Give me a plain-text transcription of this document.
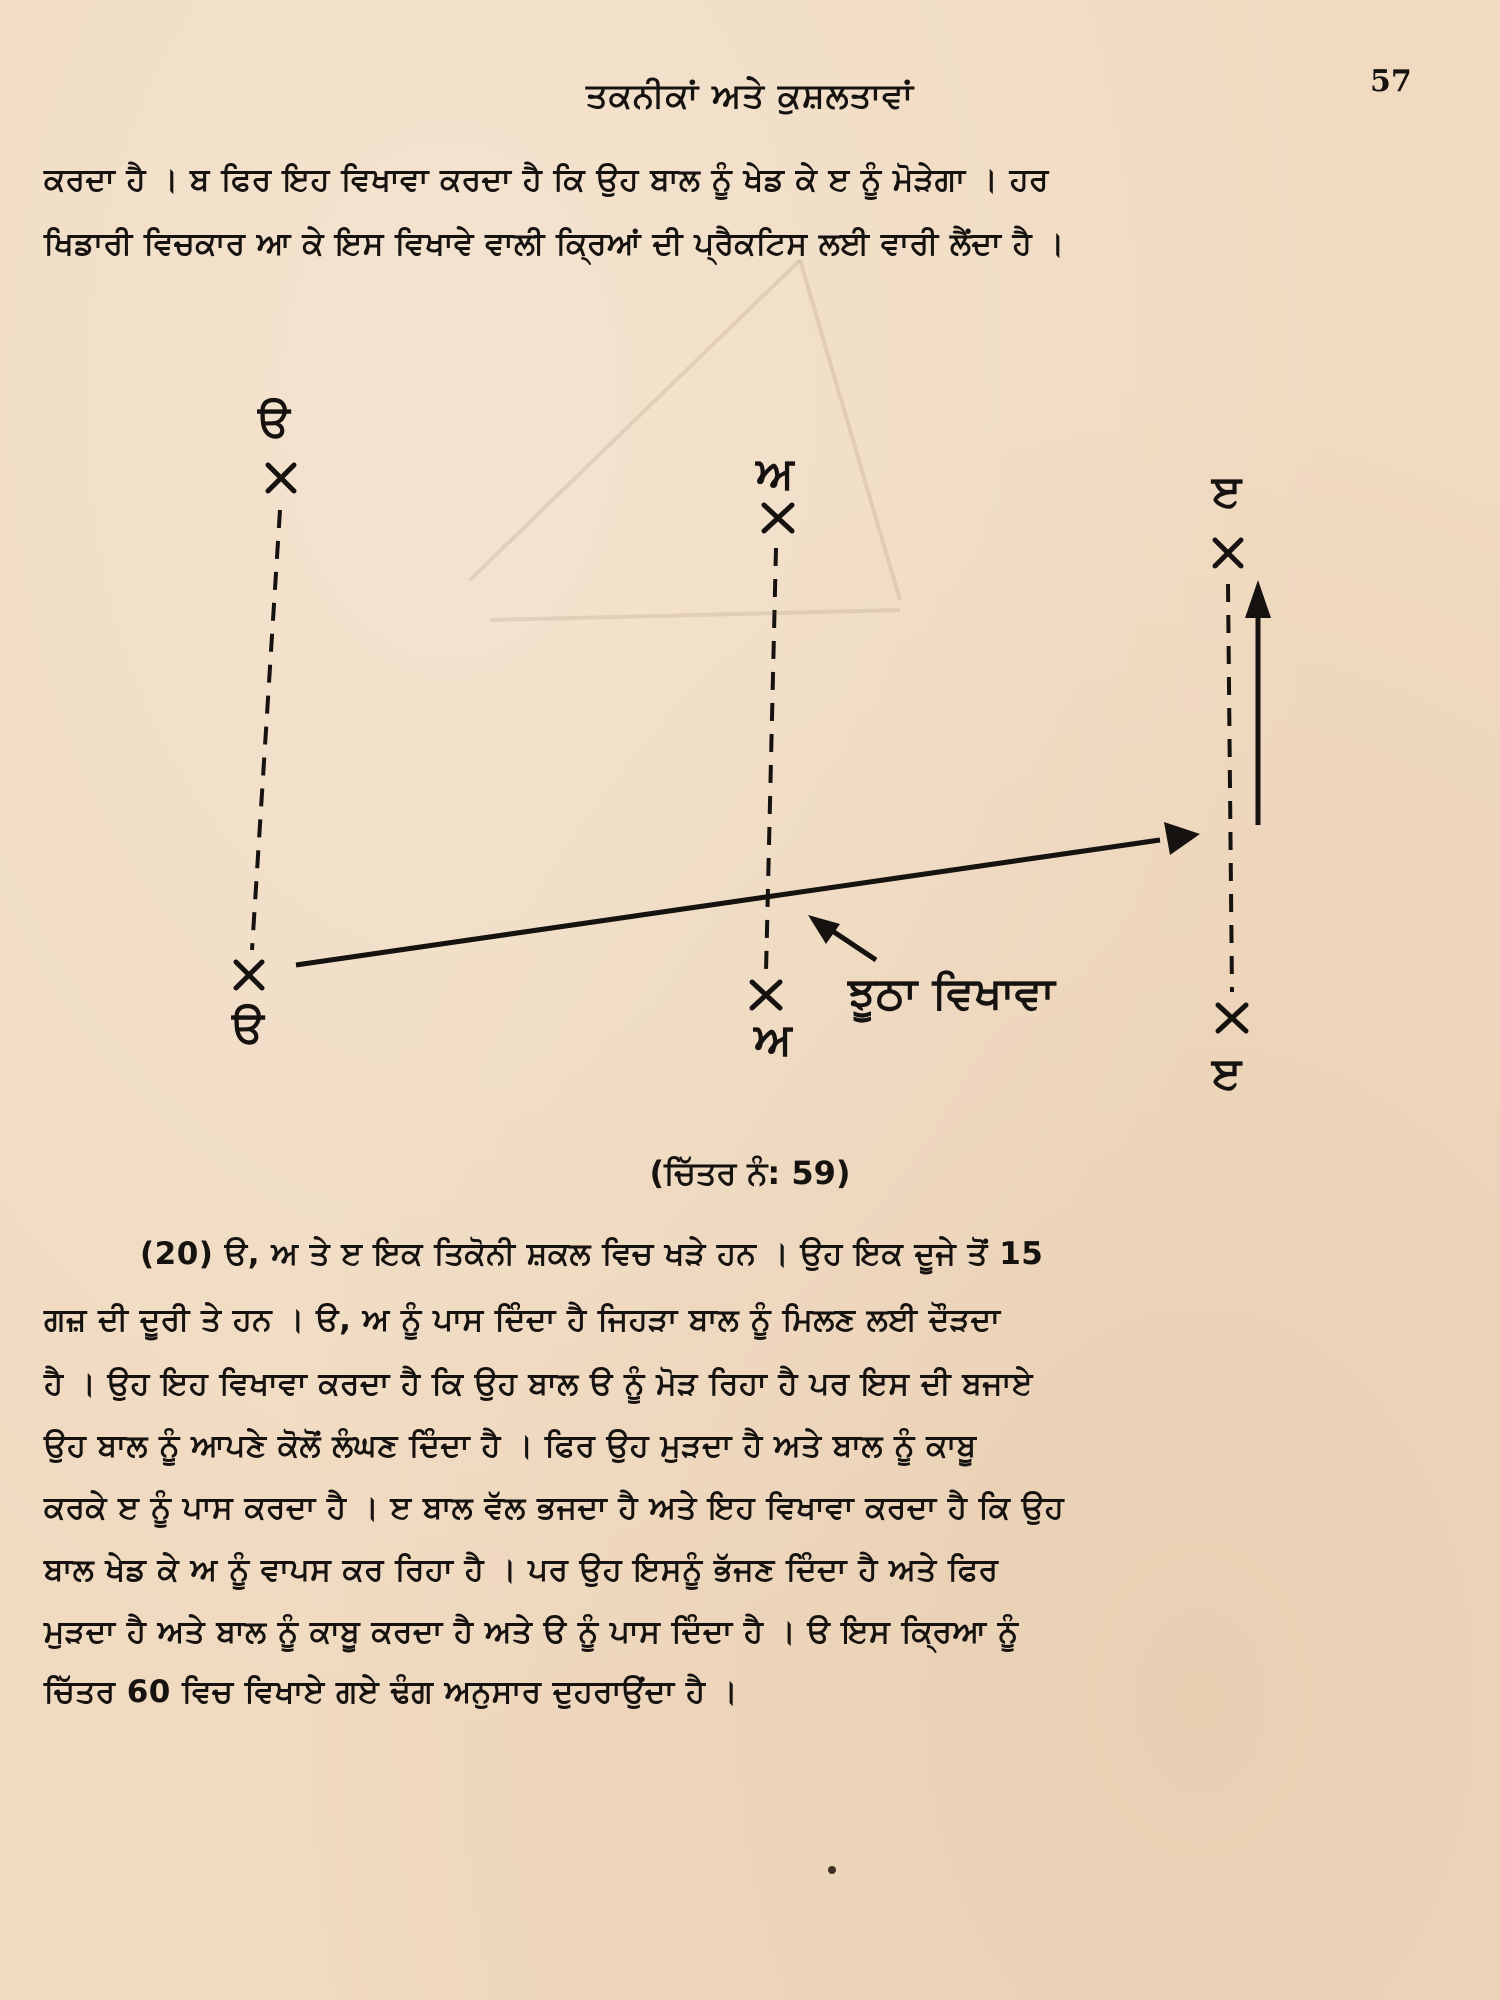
ਤਕਨੀਕਾਂ ਅਤੇ ਕੁਸ਼ਲਤਾਵਾਂ	57
ਕਰਦਾ ਹੈ । ਬ ਫਿਰ ਇਹ ਵਿਖਾਵਾ ਕਰਦਾ ਹੈ ਕਿ ਉਹ ਬਾਲ ਨੂੰ ਖੇਡ ਕੇ ੲ ਨੂੰ ਮੋੜੇਗਾ । ਹਰ
ਖਿਡਾਰੀ ਵਿਚਕਾਰ ਆ ਕੇ ਇਸ ਵਿਖਾਵੇ ਵਾਲੀ ਕ੍ਰਿਆਂ ਦੀ ਪ੍ਰੈਕਟਿਸ ਲਈ ਵਾਰੀ ਲੈਂਦਾ ਹੈ ।
ੳ
ੳ
ਅ
ਅ
ੲ
ੲ
ਝੂਠਾ ਵਿਖਾਵਾ
(ਚਿੱਤਰ ਨੰ: 59)
(20) ੳ, ਅ ਤੇ ੲ ਇਕ ਤਿਕੋਨੀ ਸ਼ਕਲ ਵਿਚ ਖੜੇ ਹਨ । ਉਹ ਇਕ ਦੂਜੇ ਤੋਂ 15
ਗਜ਼ ਦੀ ਦੂਰੀ ਤੇ ਹਨ । ੳ, ਅ ਨੂੰ ਪਾਸ ਦਿੰਦਾ ਹੈ ਜਿਹੜਾ ਬਾਲ ਨੂੰ ਮਿਲਣ ਲਈ ਦੌੜਦਾ
ਹੈ । ਉਹ ਇਹ ਵਿਖਾਵਾ ਕਰਦਾ ਹੈ ਕਿ ਉਹ ਬਾਲ ੳ ਨੂੰ ਮੋੜ ਰਿਹਾ ਹੈ ਪਰ ਇਸ ਦੀ ਬਜਾਏ
ਉਹ ਬਾਲ ਨੂੰ ਆਪਣੇ ਕੋਲੋਂ ਲੰਘਣ ਦਿੰਦਾ ਹੈ । ਫਿਰ ਉਹ ਮੁੜਦਾ ਹੈ ਅਤੇ ਬਾਲ ਨੂੰ ਕਾਬੂ
ਕਰਕੇ ੲ ਨੂੰ ਪਾਸ ਕਰਦਾ ਹੈ । ੲ ਬਾਲ ਵੱਲ ਭਜਦਾ ਹੈ ਅਤੇ ਇਹ ਵਿਖਾਵਾ ਕਰਦਾ ਹੈ ਕਿ ਉਹ
ਬਾਲ ਖੇਡ ਕੇ ਅ ਨੂੰ ਵਾਪਸ ਕਰ ਰਿਹਾ ਹੈ । ਪਰ ਉਹ ਇਸਨੂੰ ਭੱਜਣ ਦਿੰਦਾ ਹੈ ਅਤੇ ਫਿਰ
ਮੁੜਦਾ ਹੈ ਅਤੇ ਬਾਲ ਨੂੰ ਕਾਬੂ ਕਰਦਾ ਹੈ ਅਤੇ ੳ ਨੂੰ ਪਾਸ ਦਿੰਦਾ ਹੈ । ੳ ਇਸ ਕ੍ਰਿਆ ਨੂੰ
ਚਿੱਤਰ 60 ਵਿਚ ਵਿਖਾਏ ਗਏ ਢੰਗ ਅਨੁਸਾਰ ਦੁਹਰਾਉਂਦਾ ਹੈ ।
